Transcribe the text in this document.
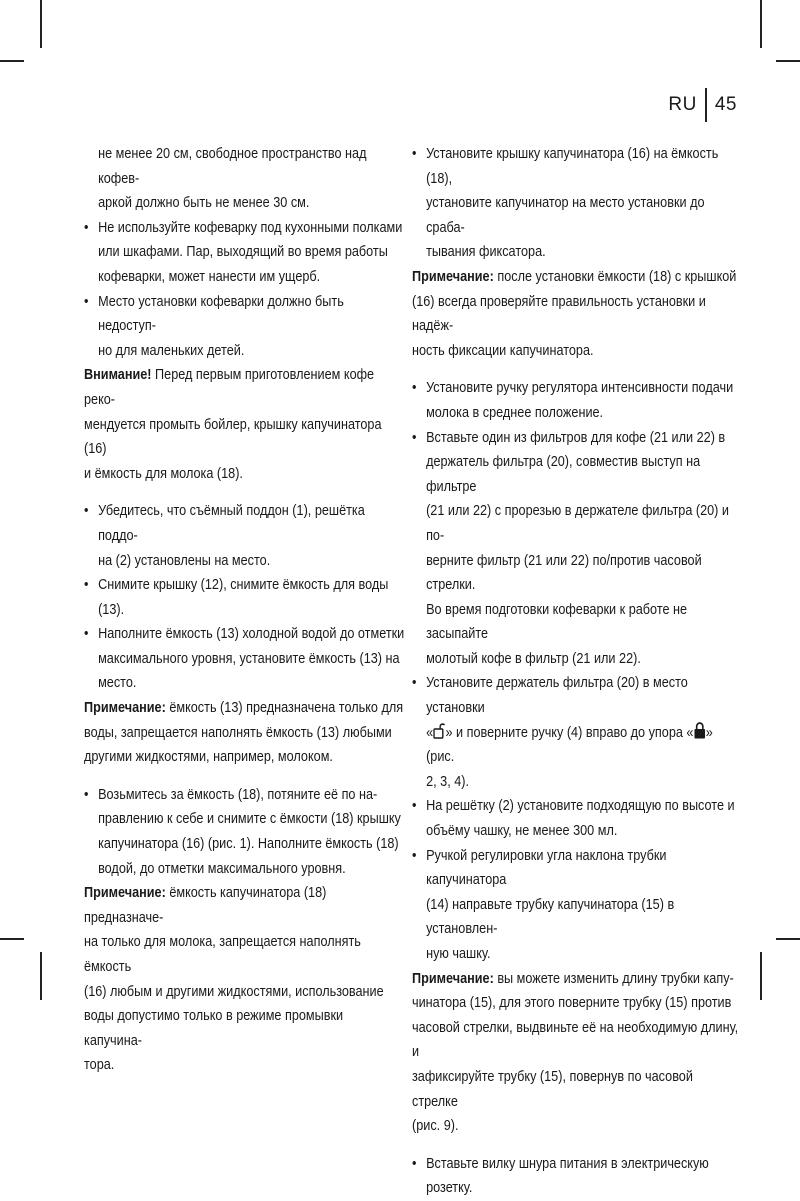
RU 45
не менее 20 см, свободное пространство над кофев-
аркой должно быть не менее 30 см.
• Не используйте кофеварку под кухонными полками
или шкафами. Пар, выходящий во время работы
кофеварки, может нанести им ущерб.
• Место установки кофеварки должно быть недоступ-
но для маленьких детей.
Внимание! Перед первым приготовлением кофе реко-
мендуется промыть бойлер, крышку капучинатора (16)
и ёмкость для молока (18).
• Убедитесь, что съёмный поддон (1), решётка поддо-
на (2) установлены на место.
• Снимите крышку (12), снимите ёмкость для воды
(13).
• Наполните ёмкость (13) холодной водой до отметки
максимального уровня, установите ёмкость (13) на
место.
Примечание: ёмкость (13) предназначена только для
воды, запрещается наполнять ёмкость (13) любыми
другими жидкостями, например, молоком.
• Возьмитесь за ёмкость (18), потяните её по на-
правлению к себе и снимите с ёмкости (18) крышку
капучинатора (16) (рис. 1). Наполните ёмкость (18)
водой, до отметки максимального уровня.
Примечание: ёмкость капучинатора (18) предназначе-
на только для молока, запрещается наполнять ёмкость
(16) любым и другими жидкостями, использование
воды допустимо только в режиме промывки капучина-
тора.
• Установите крышку капучинатора (16) на ёмкость (18),
установите капучинатор на место установки до сраба-
тывания фиксатора.
Примечание: после установки ёмкости (18) с крышкой
(16) всегда проверяйте правильность установки и надёж-
ность фиксации капучинатора.
• Установите ручку регулятора интенсивности подачи
молока в среднее положение.
• Вставьте один из фильтров для кофе (21 или 22) в
держатель фильтра (20), совместив выступ на фильтре
(21 или 22) с прорезью в держателе фильтра (20) и по-
верните фильтр (21 или 22) по/против часовой стрелки.
Во время подготовки кофеварки к работе не засыпайте
молотый кофе в фильтр (21 или 22).
• Установите держатель фильтра (20) в место установки
« » и поверните ручку (4) вправо до упора « » (рис.
2, 3, 4).
• На решётку (2) установите подходящую по высоте и
объёму чашку, не менее 300 мл.
• Ручкой регулировки угла наклона трубки капучинатора
(14) направьте трубку капучинатора (15) в установлен-
ную чашку.
Примечание: вы можете изменить длину трубки капу-
чинатора (15), для этого поверните трубку (15) против
часовой стрелки, выдвиньте её на необходимую длину, и
зафиксируйте трубку (15), повернув по часовой стрелке
(рис. 9).
• Вставьте вилку шнура питания в электрическую
розетку.
